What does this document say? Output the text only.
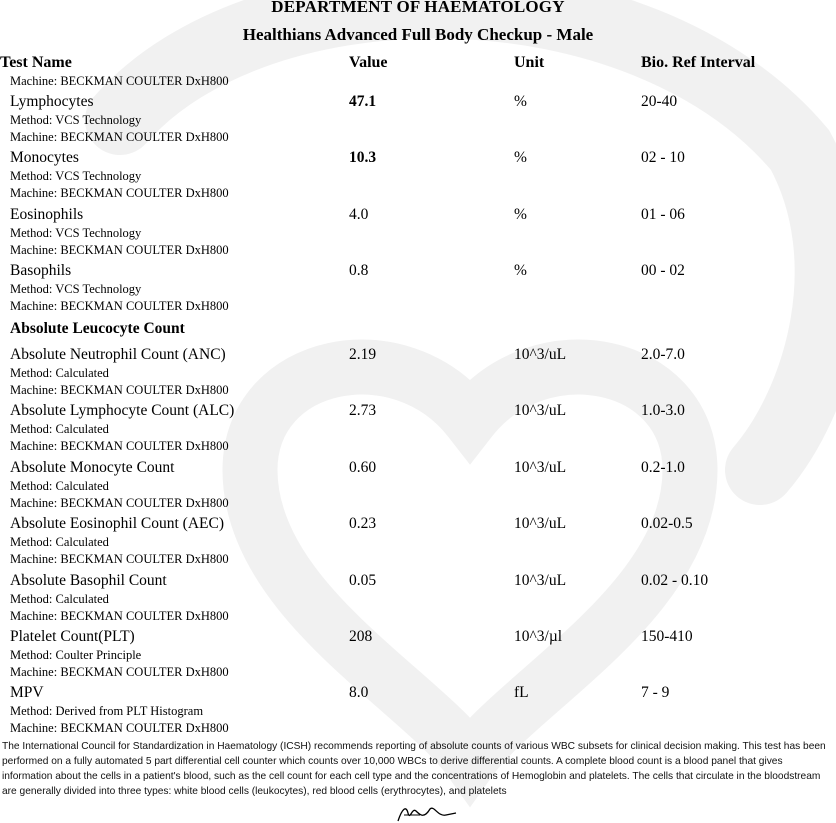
DEPARTMENT OF HAEMATOLOGY
Healthians Advanced Full Body Checkup - Male
Test Name	Value	Unit	Bio. Ref Interval
Machine: BECKMAN COULTER DxH800
Lymphocytes	47.1	%	20-40
Method: VCS Technology
Machine: BECKMAN COULTER DxH800
Monocytes	10.3	%	02 - 10
Method: VCS Technology
Machine: BECKMAN COULTER DxH800
Eosinophils	4.0	%	01 - 06
Method: VCS Technology
Machine: BECKMAN COULTER DxH800
Basophils	0.8	%	00 - 02
Method: VCS Technology
Machine: BECKMAN COULTER DxH800
Absolute Leucocyte Count
Absolute Neutrophil Count (ANC)	2.19	10^3/uL	2.0-7.0
Method: Calculated
Machine: BECKMAN COULTER DxH800
Absolute Lymphocyte Count (ALC)	2.73	10^3/uL	1.0-3.0
Method: Calculated
Machine: BECKMAN COULTER DxH800
Absolute Monocyte Count	0.60	10^3/uL	0.2-1.0
Method: Calculated
Machine: BECKMAN COULTER DxH800
Absolute Eosinophil Count (AEC)	0.23	10^3/uL	0.02-0.5
Method: Calculated
Machine: BECKMAN COULTER DxH800
Absolute Basophil Count	0.05	10^3/uL	0.02 - 0.10
Method: Calculated
Machine: BECKMAN COULTER DxH800
Platelet Count(PLT)	208	10^3/µl	150-410
Method: Coulter Principle
Machine: BECKMAN COULTER DxH800
MPV	8.0	fL	7 - 9
Method: Derived from PLT Histogram
Machine: BECKMAN COULTER DxH800
The International Council for Standardization in Haematology (ICSH) recommends reporting of absolute counts of various WBC subsets for clinical decision making. This test has been performed on a fully automated 5 part differential cell counter which counts over 10,000 WBCs to derive differential counts. A complete blood count is a blood panel that gives information about the cells in a patient's blood, such as the cell count for each cell type and the concentrations of Hemoglobin and platelets. The cells that circulate in the bloodstream are generally divided into three types: white blood cells (leukocytes), red blood cells (erythrocytes), and platelets
